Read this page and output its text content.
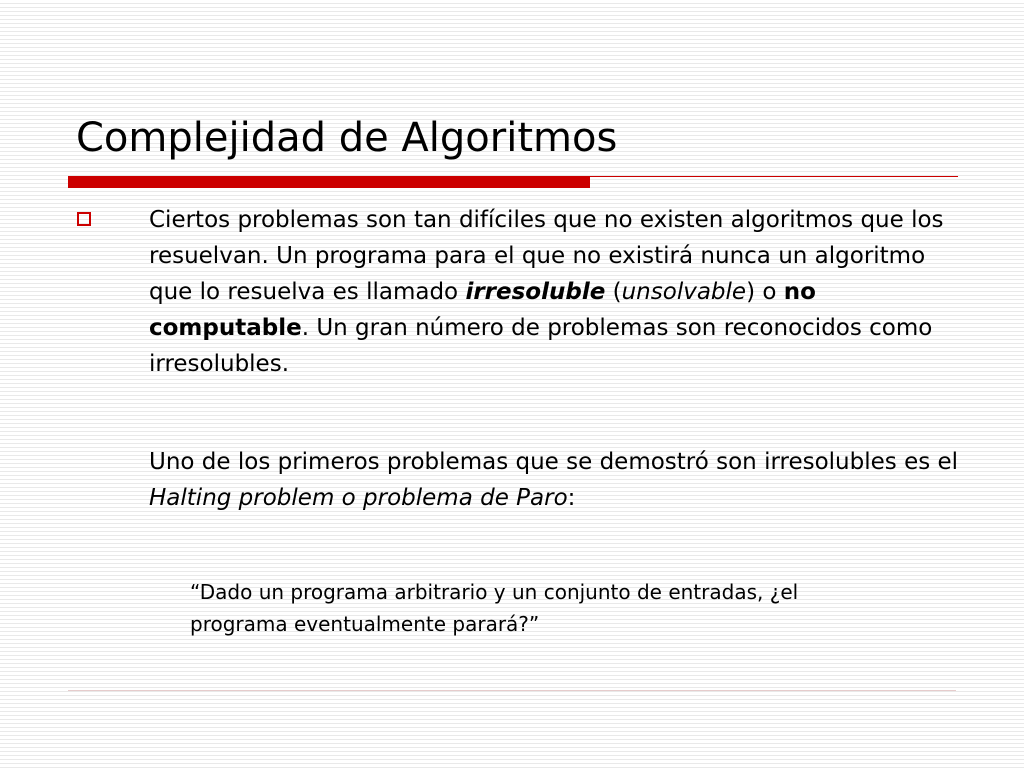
Complejidad de Algoritmos

Ciertos problemas son tan difíciles que no existen algoritmos que los resuelvan. Un programa para el que no existirá nunca un algoritmo que lo resuelva es llamado irresoluble (unsolvable) o no computable. Un gran número de problemas son reconocidos como irresolubles.

Uno de los primeros problemas que se demostró son irresolubles es el Halting problem o problema de Paro:

“Dado un programa arbitrario y un conjunto de entradas, ¿el programa eventualmente parará?”
